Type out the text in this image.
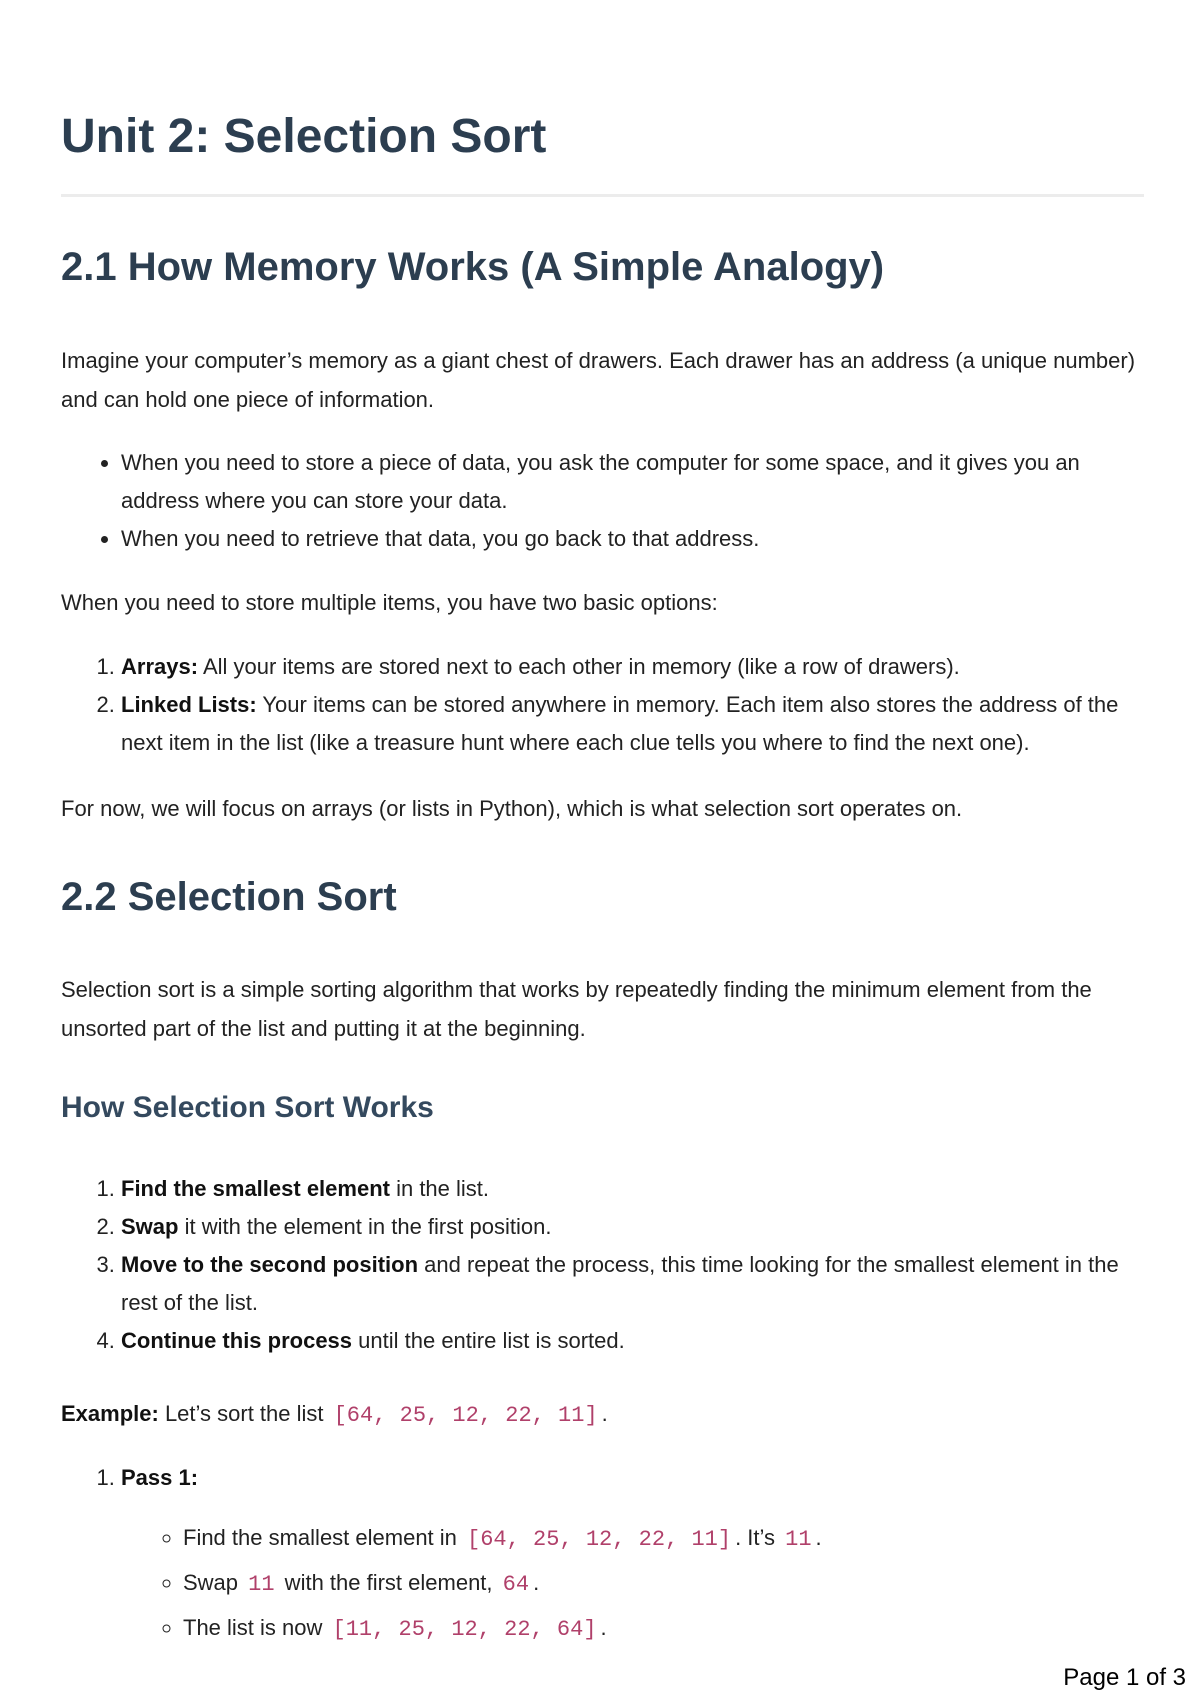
Unit 2: Selection Sort
2.1 How Memory Works (A Simple Analogy)

Imagine your computer’s memory as a giant chest of drawers. Each drawer has an address (a unique number) and can hold one piece of information.

• When you need to store a piece of data, you ask the computer for some space, and it gives you an address where you can store your data.
• When you need to retrieve that data, you go back to that address.

When you need to store multiple items, you have two basic options:

1. Arrays: All your items are stored next to each other in memory (like a row of drawers).
2. Linked Lists: Your items can be stored anywhere in memory. Each item also stores the address of the next item in the list (like a treasure hunt where each clue tells you where to find the next one).

For now, we will focus on arrays (or lists in Python), which is what selection sort operates on.

2.2 Selection Sort

Selection sort is a simple sorting algorithm that works by repeatedly finding the minimum element from the unsorted part of the list and putting it at the beginning.

How Selection Sort Works
1. Find the smallest element in the list.
2. Swap it with the element in the first position.
3. Move to the second position and repeat the process, this time looking for the smallest element in the rest of the list.
4. Continue this process until the entire list is sorted.

Example: Let’s sort the list [64, 25, 12, 22, 11] .

1. Pass 1:
◦ Find the smallest element in [64, 25, 12, 22, 11] . It’s 11 .
◦ Swap 11 with the first element, 64 .
◦ The list is now [11, 25, 12, 22, 64] .
Page 1 of 3
